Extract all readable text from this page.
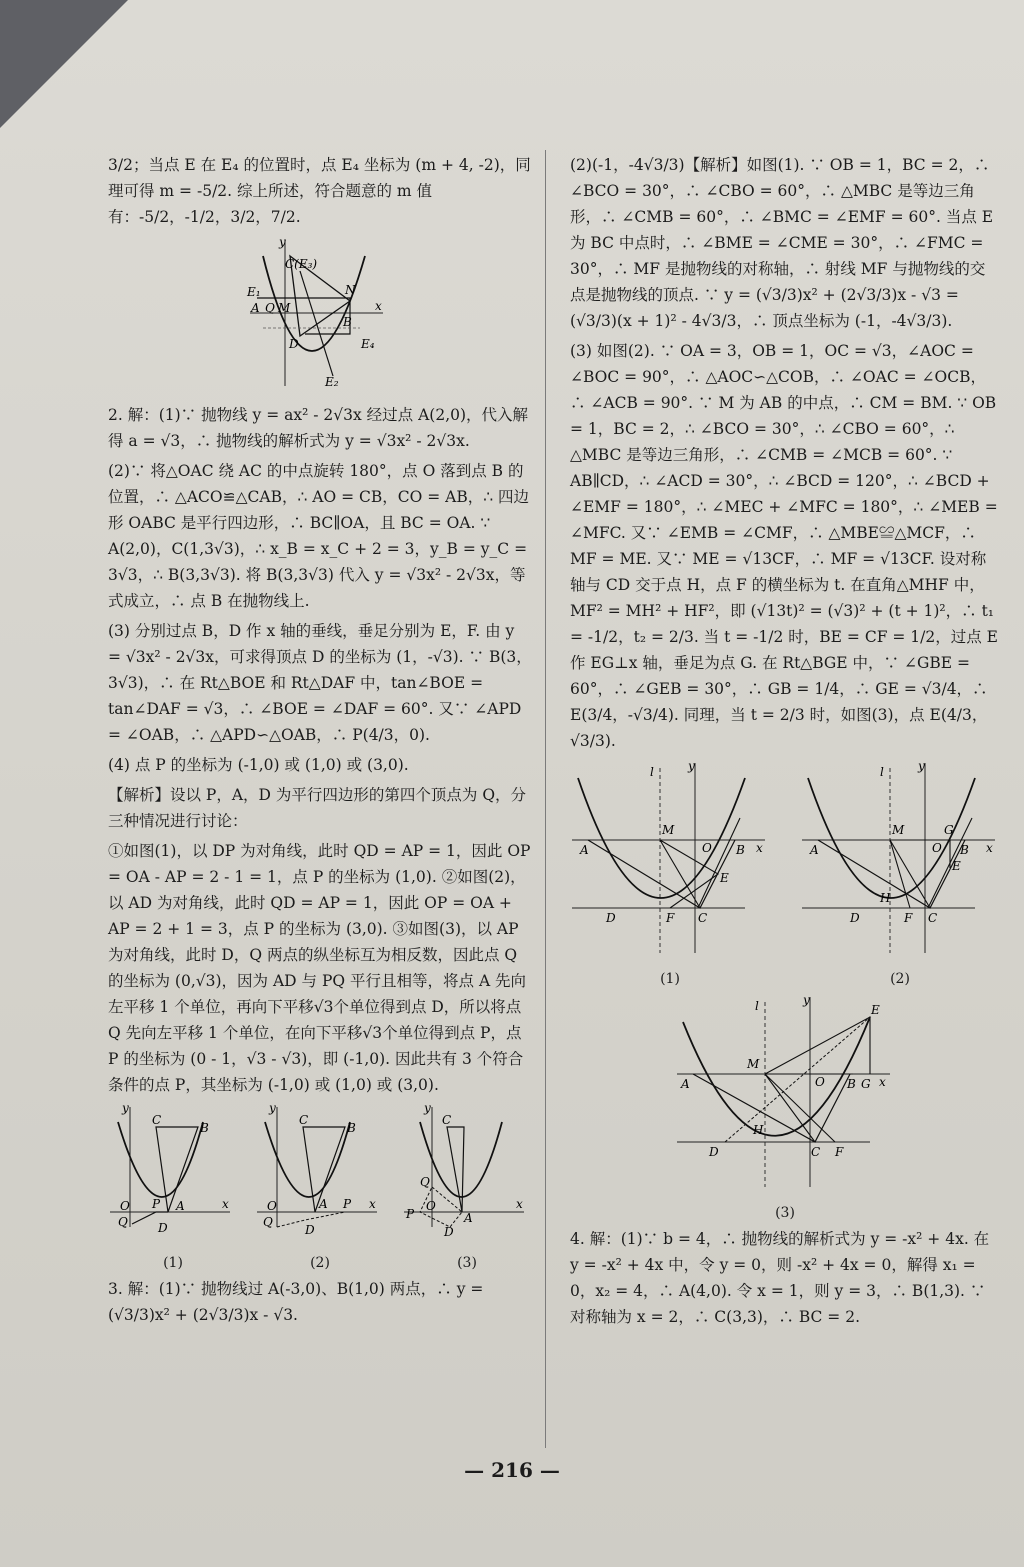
3/2；当点 E 在 E₄ 的位置时，点 E₄ 坐标为 (m + 4, -2)，同理可得 m = -5/2. 综上所述，符合题意的 m 值有：-5/2，-1/2，3/2，7/2.

C(E₃)
E₁	N
A Q M
B
D	E₄
E₂
x
y

2. 解：(1)∵ 抛物线 y = ax² - 2√3x 经过点 A(2,0)，代入解得 a = √3，∴ 抛物线的解析式为 y = √3x² - 2√3x.

(2)∵ 将△OAC 绕 AC 的中点旋转 180°，点 O 落到点 B 的位置，∴ △ACO≌△CAB，∴ AO = CB，CO = AB，∴ 四边形 OABC 是平行四边形，∴ BC∥OA，且 BC = OA. ∵ A(2,0)，C(1,3√3)，∴ x_B = x_C + 2 = 3，y_B = y_C = 3√3，∴ B(3,3√3). 将 B(3,3√3) 代入 y = √3x² - 2√3x，等式成立，∴ 点 B 在抛物线上.

(3) 分别过点 B，D 作 x 轴的垂线，垂足分别为 E，F. 由 y = √3x² - 2√3x，可求得顶点 D 的坐标为 (1，-√3). ∵ B(3，3√3)，∴ 在 Rt△BOE 和 Rt△DAF 中，tan∠BOE = tan∠DAF = √3，∴ ∠BOE = ∠DAF = 60°. 又∵ ∠APD = ∠OAB，∴ △APD∽△OAB，∴ P(4/3，0).

(4) 点 P 的坐标为 (-1,0) 或 (1,0) 或 (3,0).

【解析】设以 P，A，D 为平行四边形的第四个顶点为 Q，分三种情况进行讨论：

①如图(1)，以 DP 为对角线，此时 QD = AP = 1，因此 OP = OA - AP = 2 - 1 = 1，点 P 的坐标为 (1,0). ②如图(2)，以 AD 为对角线，此时 QD = AP = 1，因此 OP = OA + AP = 2 + 1 = 3，点 P 的坐标为 (3,0). ③如图(3)，以 AP 为对角线，此时 D，Q 两点的纵坐标互为相反数，因此点 Q 的坐标为 (0,√3)，因为 AD 与 PQ 平行且相等，将点 A 先向左平移 1 个单位，再向下平移√3个单位得到点 D，所以将点 Q 先向左平移 1 个单位，在向下平移√3个单位得到点 P，点 P 的坐标为 (0 - 1，√3 - √3)，即 (-1,0). 因此共有 3 个符合条件的点 P，其坐标为 (-1,0) 或 (1,0) 或 (3,0).

C
B
P
O	A
Q	D
x
y
(1)
C
B
P
O	A
Q
D
x
y
(2)
C
P
O
A
Q
D
x
y
(3)

3. 解：(1)∵ 抛物线过 A(-3,0)、B(1,0) 两点，∴ y = (√3/3)x² + (2√3/3)x - √3.

(2)(-1，-4√3/3)【解析】如图(1). ∵ OB = 1，BC = 2，∴ ∠BCO = 30°，∴ ∠CBO = 60°，∴ △MBC 是等边三角形，∴ ∠CMB = 60°，∴ ∠BMC = ∠EMF = 60°. 当点 E 为 BC 中点时，∴ ∠BME = ∠CME = 30°，∴ ∠FMC = 30°，∴ MF 是抛物线的对称轴，∴ 射线 MF 与抛物线的交点是抛物线的顶点. ∵ y = (√3/3)x² + (2√3/3)x - √3 = (√3/3)(x + 1)² - 4√3/3，∴ 顶点坐标为 (-1，-4√3/3).

(3) 如图(2). ∵ OA = 3，OB = 1，OC = √3，∠AOC = ∠BOC = 90°，∴ △AOC∽△COB，∴ ∠OAC = ∠OCB，∴ ∠ACB = 90°. ∵ M 为 AB 的中点，∴ CM = BM. ∵ OB = 1，BC = 2，∴ ∠BCO = 30°，∴ ∠CBO = 60°，∴ △MBC 是等边三角形，∴ ∠CMB = ∠MCB = 60°. ∵ AB∥CD，∴ ∠ACD = 30°，∴ ∠BCD = 120°，∴ ∠BCD + ∠EMF = 180°，∴ ∠MEC + ∠MFC = 180°，∴ ∠MEB = ∠MFC. 又∵ ∠EMB = ∠CMF，∴ △MBE≌△MCF，∴ MF = ME. 又∵ ME = √13CF，∴ MF = √13CF. 设对称轴与 CD 交于点 H，点 F 的横坐标为 t. 在直角△MHF 中，MF² = MH² + HF²，即 (√13t)² = (√3)² + (t + 1)²，∴ t₁ = -1/2，t₂ = 2/3. 当 t = -1/2 时，BE = CF = 1/2，过点 E 作 EG⊥x 轴，垂足为点 G. 在 Rt△BGE 中，∵ ∠GBE = 60°，∴ ∠GEB = 30°，∴ GB = 1/4，∴ GE = √3/4，∴ E(3/4，-√3/4). 同理，当 t = 2/3 时，如图(3)，点 E(4/3，√3/3).

l	y
M
O
A	B x
E
D	F C
(1)
l	y
M	G
O
A	B x
E
H
D	F C
(2)
l	y
E
M
O
A	B G x
H
D	C F
(3)

4. 解：(1)∵ b = 4，∴ 抛物线的解析式为 y = -x² + 4x. 在 y = -x² + 4x 中，令 y = 0，则 -x² + 4x = 0，解得 x₁ = 0，x₂ = 4，∴ A(4,0). 令 x = 1，则 y = 3，∴ B(1,3). ∵ 对称轴为 x = 2，∴ C(3,3)，∴ BC = 2.

— 216 —
